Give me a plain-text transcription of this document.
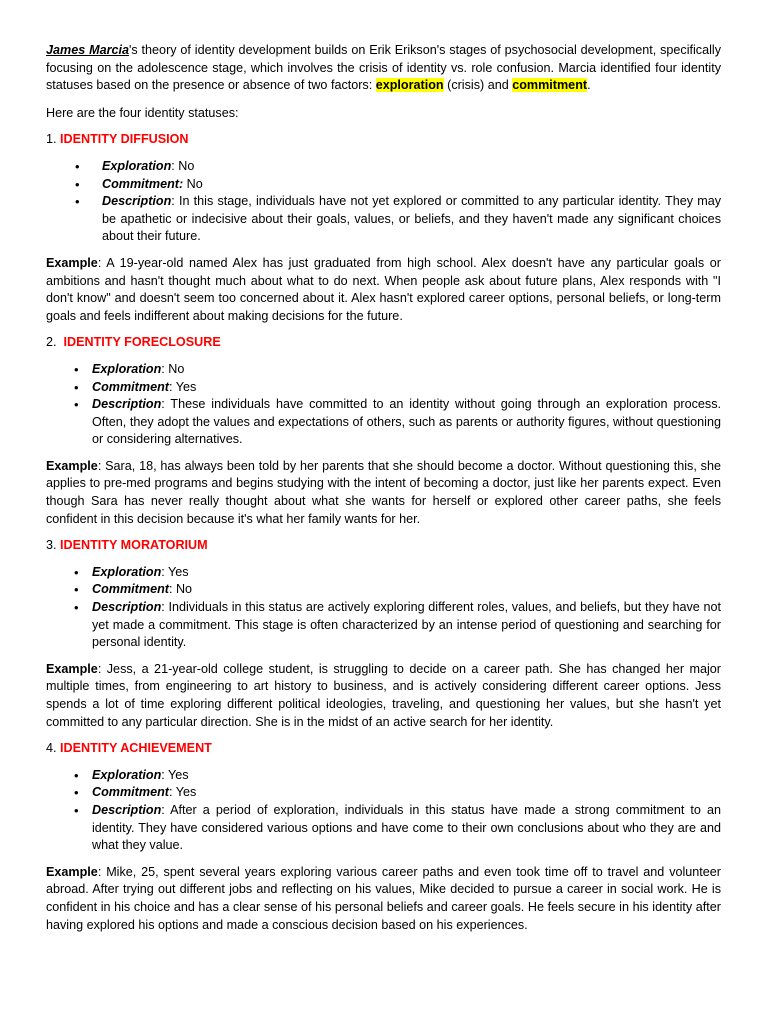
James Marcia's theory of identity development builds on Erik Erikson's stages of psychosocial development, specifically focusing on the adolescence stage, which involves the crisis of identity vs. role confusion. Marcia identified four identity statuses based on the presence or absence of two factors: exploration (crisis) and commitment.

Here are the four identity statuses:

1. IDENTITY DIFFUSION

• Exploration: No
• Commitment: No
• Description: In this stage, individuals have not yet explored or committed to any particular identity. They may be apathetic or indecisive about their goals, values, or beliefs, and they haven't made any significant choices about their future.

Example: A 19-year-old named Alex has just graduated from high school. Alex doesn't have any particular goals or ambitions and hasn't thought much about what to do next. When people ask about future plans, Alex responds with "I don't know" and doesn't seem too concerned about it. Alex hasn't explored career options, personal beliefs, or long-term goals and feels indifferent about making decisions for the future.

2. IDENTITY FORECLOSURE

• Exploration: No
• Commitment: Yes
• Description: These individuals have committed to an identity without going through an exploration process. Often, they adopt the values and expectations of others, such as parents or authority figures, without questioning or considering alternatives.

Example: Sara, 18, has always been told by her parents that she should become a doctor. Without questioning this, she applies to pre-med programs and begins studying with the intent of becoming a doctor, just like her parents expect. Even though Sara has never really thought about what she wants for herself or explored other career paths, she feels confident in this decision because it's what her family wants for her.

3. IDENTITY MORATORIUM

• Exploration: Yes
• Commitment: No
• Description: Individuals in this status are actively exploring different roles, values, and beliefs, but they have not yet made a commitment. This stage is often characterized by an intense period of questioning and searching for personal identity.

Example: Jess, a 21-year-old college student, is struggling to decide on a career path. She has changed her major multiple times, from engineering to art history to business, and is actively considering different career options. Jess spends a lot of time exploring different political ideologies, traveling, and questioning her values, but she hasn't yet committed to any particular direction. She is in the midst of an active search for her identity.

4. IDENTITY ACHIEVEMENT

• Exploration: Yes
• Commitment: Yes
• Description: After a period of exploration, individuals in this status have made a strong commitment to an identity. They have considered various options and have come to their own conclusions about who they are and what they value.

Example: Mike, 25, spent several years exploring various career paths and even took time off to travel and volunteer abroad. After trying out different jobs and reflecting on his values, Mike decided to pursue a career in social work. He is confident in his choice and has a clear sense of his personal beliefs and career goals. He feels secure in his identity after having explored his options and made a conscious decision based on his experiences.
